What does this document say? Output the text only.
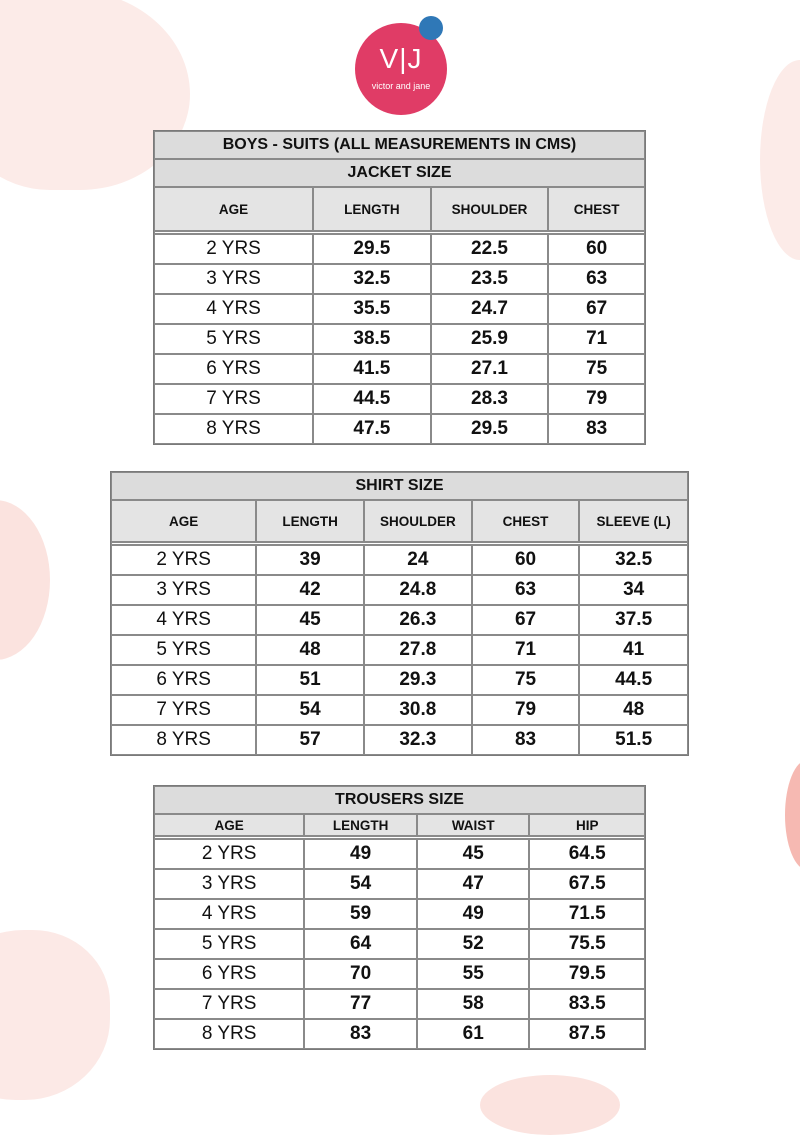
V|J
victor and jane
BOYS - SUITS (ALL MEASUREMENTS IN CMS)			
JACKET SIZE			
AGE	LENGTH	SHOULDER	CHEST

2 YRS	29.5	22.5	60
3 YRS	32.5	23.5	63
4 YRS	35.5	24.7	67
5 YRS	38.5	25.9	71
6 YRS	41.5	27.1	75
7 YRS	44.5	28.3	79
8 YRS	47.5	29.5	83
SHIRT SIZE				
AGE	LENGTH	SHOULDER	CHEST	SLEEVE (L)

2 YRS	39	24	60	32.5
3 YRS	42	24.8	63	34
4 YRS	45	26.3	67	37.5
5 YRS	48	27.8	71	41
6 YRS	51	29.3	75	44.5
7 YRS	54	30.8	79	48
8 YRS	57	32.3	83	51.5
TROUSERS SIZE			
AGE	LENGTH	WAIST	HIP

2 YRS	49	45	64.5
3 YRS	54	47	67.5
4 YRS	59	49	71.5
5 YRS	64	52	75.5
6 YRS	70	55	79.5
7 YRS	77	58	83.5
8 YRS	83	61	87.5
